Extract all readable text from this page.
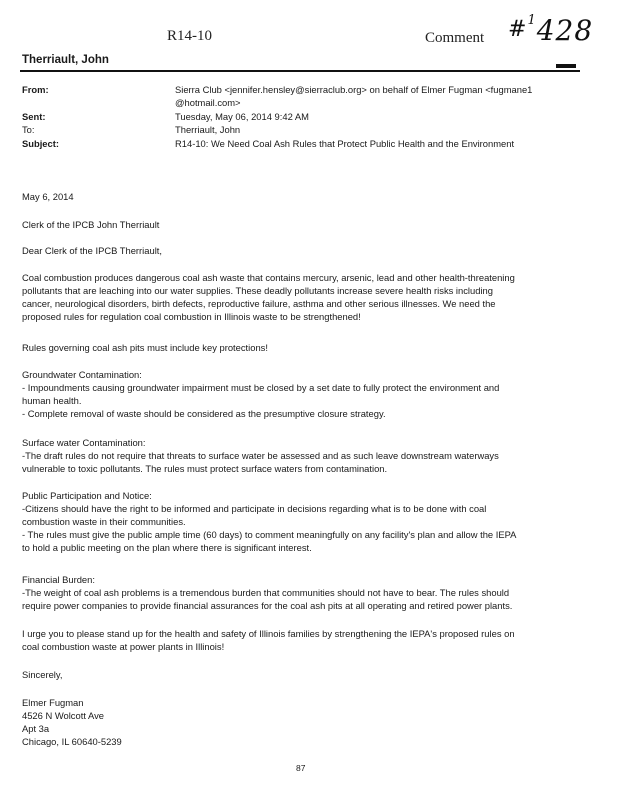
R14-10	Comment #$^1$428
Therriault, John
From:	Sierra Club <jennifer.hensley@sierraclub.org> on behalf of Elmer Fugman <fugmane1
@hotmail.com>
Sent:	Tuesday, May 06, 2014 9:42 AM
To:	Therriault, John
Subject:	R14-10: We Need Coal Ash Rules that Protect Public Health and the Environment
May 6, 2014
Clerk of the IPCB John Therriault
Dear Clerk of the IPCB Therriault,

Coal combustion produces dangerous coal ash waste that contains mercury, arsenic, lead and other health-threatening

pollutants that are leaching into our water supplies. These deadly pollutants increase severe health risks including

cancer, neurological disorders, birth defects, reproductive failure, asthma and other serious illnesses. We need the

proposed rules for regulation coal combustion in Illinois waste to be strengthened!

Rules governing coal ash pits must include key protections!

Groundwater Contamination:

- Impoundments causing groundwater impairment must be closed by a set date to fully protect the environment and

human health.

- Complete removal of waste should be considered as the presumptive closure strategy.

Surface water Contamination:

-The draft rules do not require that threats to surface water be assessed and as such leave downstream waterways

vulnerable to toxic pollutants. The rules must protect surface waters from contamination.

Public Participation and Notice:

-Citizens should have the right to be informed and participate in decisions regarding what is to be done with coal

combustion waste in their communities.

- The rules must give the public ample time (60 days) to comment meaningfully on any facility's plan and allow the IEPA

to hold a public meeting on the plan where there is significant interest.

Financial Burden:

-The weight of coal ash problems is a tremendous burden that communities should not have to bear. The rules should

require power companies to provide financial assurances for the coal ash pits at all operating and retired power plants.

I urge you to please stand up for the health and safety of Illinois families by strengthening the IEPA's proposed rules on

coal combustion waste at power plants in Illinois!

Sincerely,

Elmer Fugman

4526 N Wolcott Ave

Apt 3a

Chicago, IL 60640-5239

87
